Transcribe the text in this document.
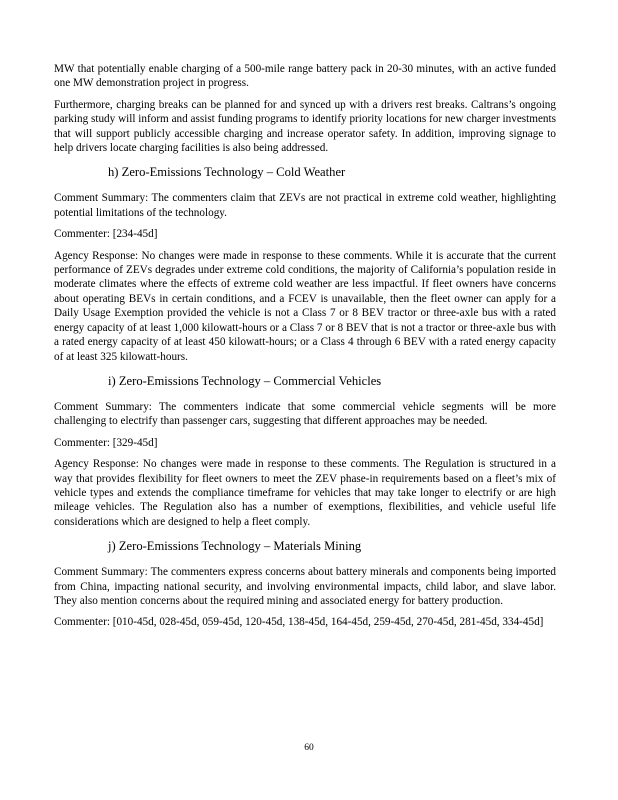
MW that potentially enable charging of a 500-mile range battery pack in 20-30 minutes, with an active funded one MW demonstration project in progress.

Furthermore, charging breaks can be planned for and synced up with a drivers rest breaks. Caltrans’s ongoing parking study will inform and assist funding programs to identify priority locations for new charger investments that will support publicly accessible charging and increase operator safety. In addition, improving signage to help drivers locate charging facilities is also being addressed.

h) Zero-Emissions Technology – Cold Weather

Comment Summary: The commenters claim that ZEVs are not practical in extreme cold weather, highlighting potential limitations of the technology.

Commenter: [234-45d]

Agency Response: No changes were made in response to these comments. While it is accurate that the current performance of ZEVs degrades under extreme cold conditions, the majority of California’s population reside in moderate climates where the effects of extreme cold weather are less impactful. If fleet owners have concerns about operating BEVs in certain conditions, and a FCEV is unavailable, then the fleet owner can apply for a Daily Usage Exemption provided the vehicle is not a Class 7 or 8 BEV tractor or three-axle bus with a rated energy capacity of at least 1,000 kilowatt-hours or a Class 7 or 8 BEV that is not a tractor or three-axle bus with a rated energy capacity of at least 450 kilowatt-hours; or a Class 4 through 6 BEV with a rated energy capacity of at least 325 kilowatt-hours.

i) Zero-Emissions Technology – Commercial Vehicles

Comment Summary: The commenters indicate that some commercial vehicle segments will be more challenging to electrify than passenger cars, suggesting that different approaches may be needed.

Commenter: [329-45d]

Agency Response: No changes were made in response to these comments. The Regulation is structured in a way that provides flexibility for fleet owners to meet the ZEV phase-in requirements based on a fleet’s mix of vehicle types and extends the compliance timeframe for vehicles that may take longer to electrify or are high mileage vehicles. The Regulation also has a number of exemptions, flexibilities, and vehicle useful life considerations which are designed to help a fleet comply.

j) Zero-Emissions Technology – Materials Mining

Comment Summary: The commenters express concerns about battery minerals and components being imported from China, impacting national security, and involving environmental impacts, child labor, and slave labor. They also mention concerns about the required mining and associated energy for battery production.

Commenter: [010-45d, 028-45d, 059-45d, 120-45d, 138-45d, 164-45d, 259-45d, 270-45d, 281-45d, 334-45d]

60
